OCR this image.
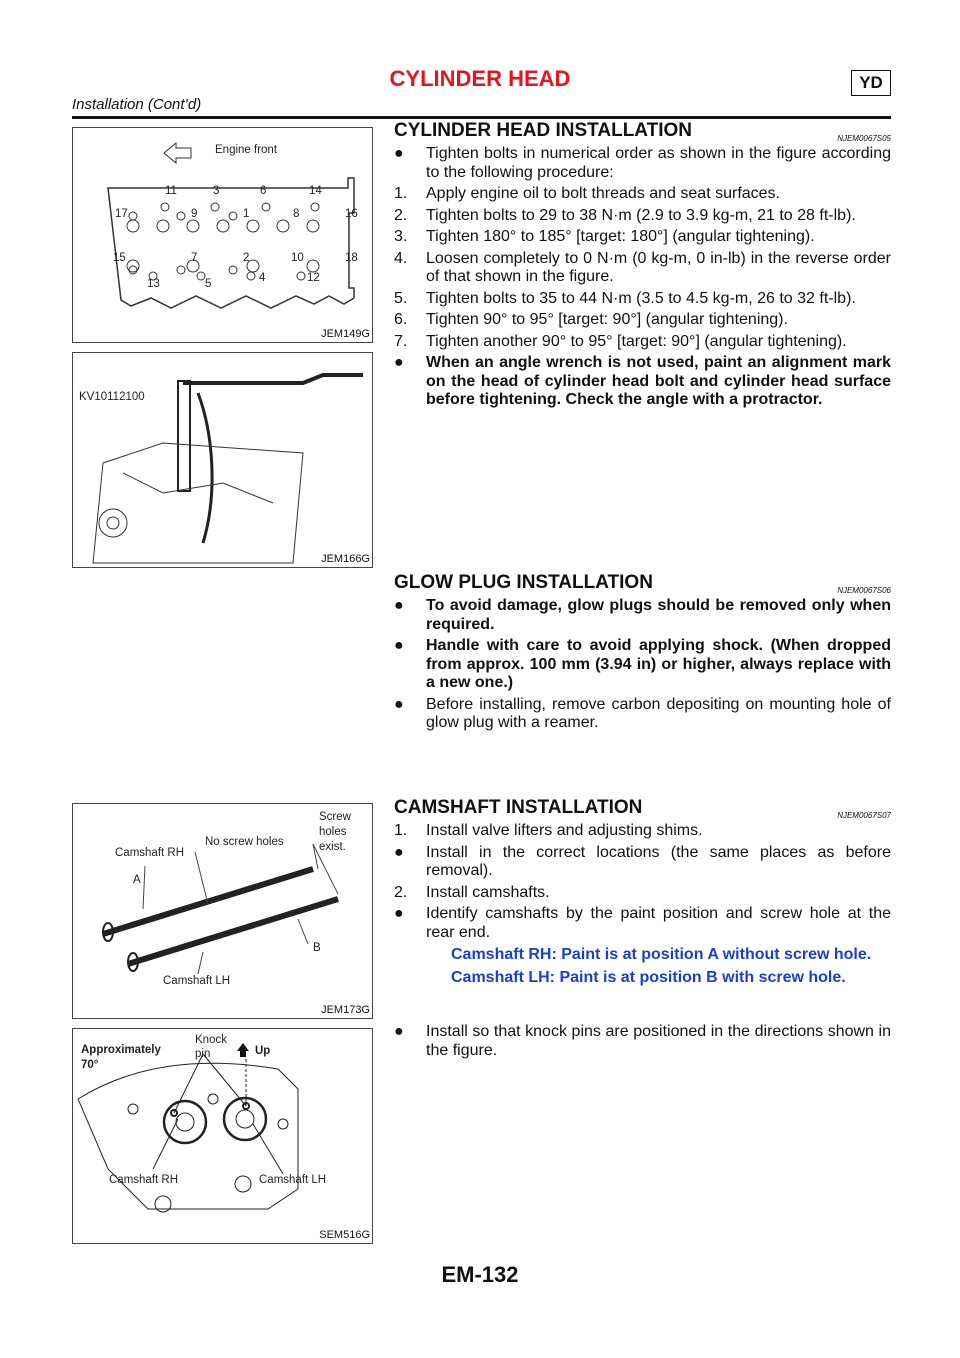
CYLINDER HEAD	YD
Installation (Cont’d)
Engine front
11	3	6	14
17	9	1	8	16
15	7	2	10	18
13	5	4	12
JEM149G
KV10112100
JEM166G
Screw holes exist.
No screw holes
Camshaft RH
A
B
Camshaft LH
JEM173G
Approximately 70°
Knock pin	Up
Camshaft RH	Camshaft LH
SEM516G
CYLINDER HEAD INSTALLATION	NJEM0067S05
●	Tighten bolts in numerical order as shown in the figure according to the following procedure:
1.	Apply engine oil to bolt threads and seat surfaces.
2.	Tighten bolts to 29 to 38 N·m (2.9 to 3.9 kg-m, 21 to 28 ft-lb).
3.	Tighten 180° to 185° [target: 180°] (angular tightening).
4.	Loosen completely to 0 N·m (0 kg-m, 0 in-lb) in the reverse order of that shown in the figure.
5.	Tighten bolts to 35 to 44 N·m (3.5 to 4.5 kg-m, 26 to 32 ft-lb).
6.	Tighten 90° to 95° [target: 90°] (angular tightening).
7.	Tighten another 90° to 95° [target: 90°] (angular tightening).
●	When an angle wrench is not used, paint an alignment mark on the head of cylinder head bolt and cylinder head surface before tightening. Check the angle with a protractor.
GLOW PLUG INSTALLATION	NJEM0067S06
●	To avoid damage, glow plugs should be removed only when required.
●	Handle with care to avoid applying shock. (When dropped from approx. 100 mm (3.94 in) or higher, always replace with a new one.)
●	Before installing, remove carbon depositing on mounting hole of glow plug with a reamer.
CAMSHAFT INSTALLATION	NJEM0067S07
1.	Install valve lifters and adjusting shims.
●	Install in the correct locations (the same places as before removal).
2.	Install camshafts.
●	Identify camshafts by the paint position and screw hole at the rear end.
Camshaft RH: Paint is at position A without screw hole.
Camshaft LH: Paint is at position B with screw hole.
●	Install so that knock pins are positioned in the directions shown in the figure.
EM-132
